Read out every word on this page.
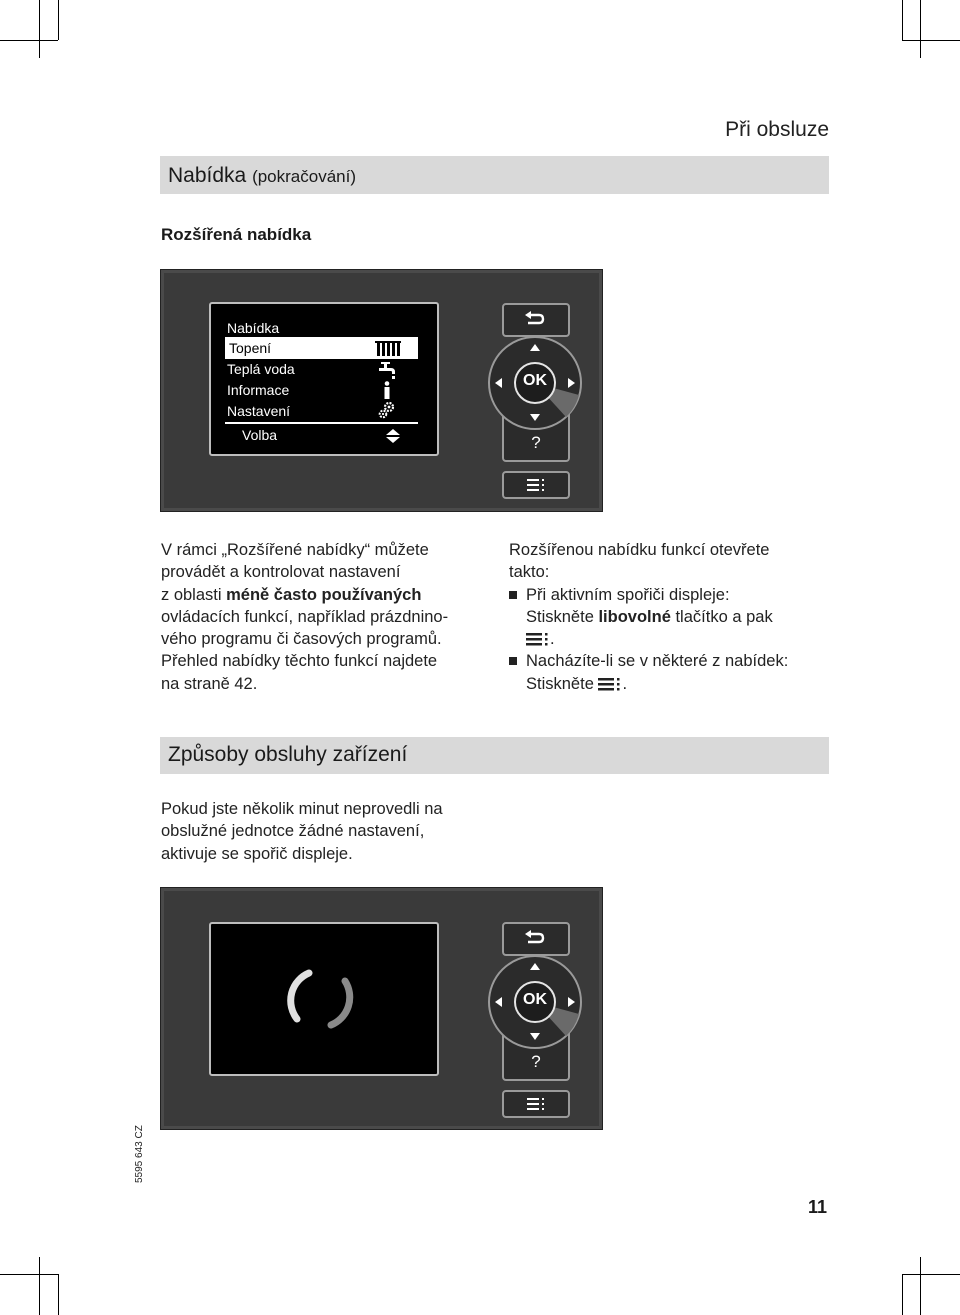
Při obsluze
Nabídka (pokračování)
Rozšířená nabídka
Nabídka
Topení
Teplá voda
Informace
Nastavení
Volba	?
OK
V rámci „Rozšířené nabídky“ můžete
provádět a kontrolovat nastavení
z oblasti méně často používaných
ovládacích funkcí, například prázdnino-
vého programu či časových programů.
Přehled nabídky těchto funkcí najdete
na straně 42.
Rozšířenou nabídku funkcí otevřete
takto:
Při aktivním spořiči displeje:
Stiskněte libovolné tlačítko a pak
.
Nacházíte-li se v některé z nabídek:
Stiskněte .
Způsoby obsluhy zařízení
Pokud jste několik minut neprovedli na
obslužné jednotce žádné nastavení,
aktivuje se spořič displeje.
?
OK
5595 643 CZ
11
